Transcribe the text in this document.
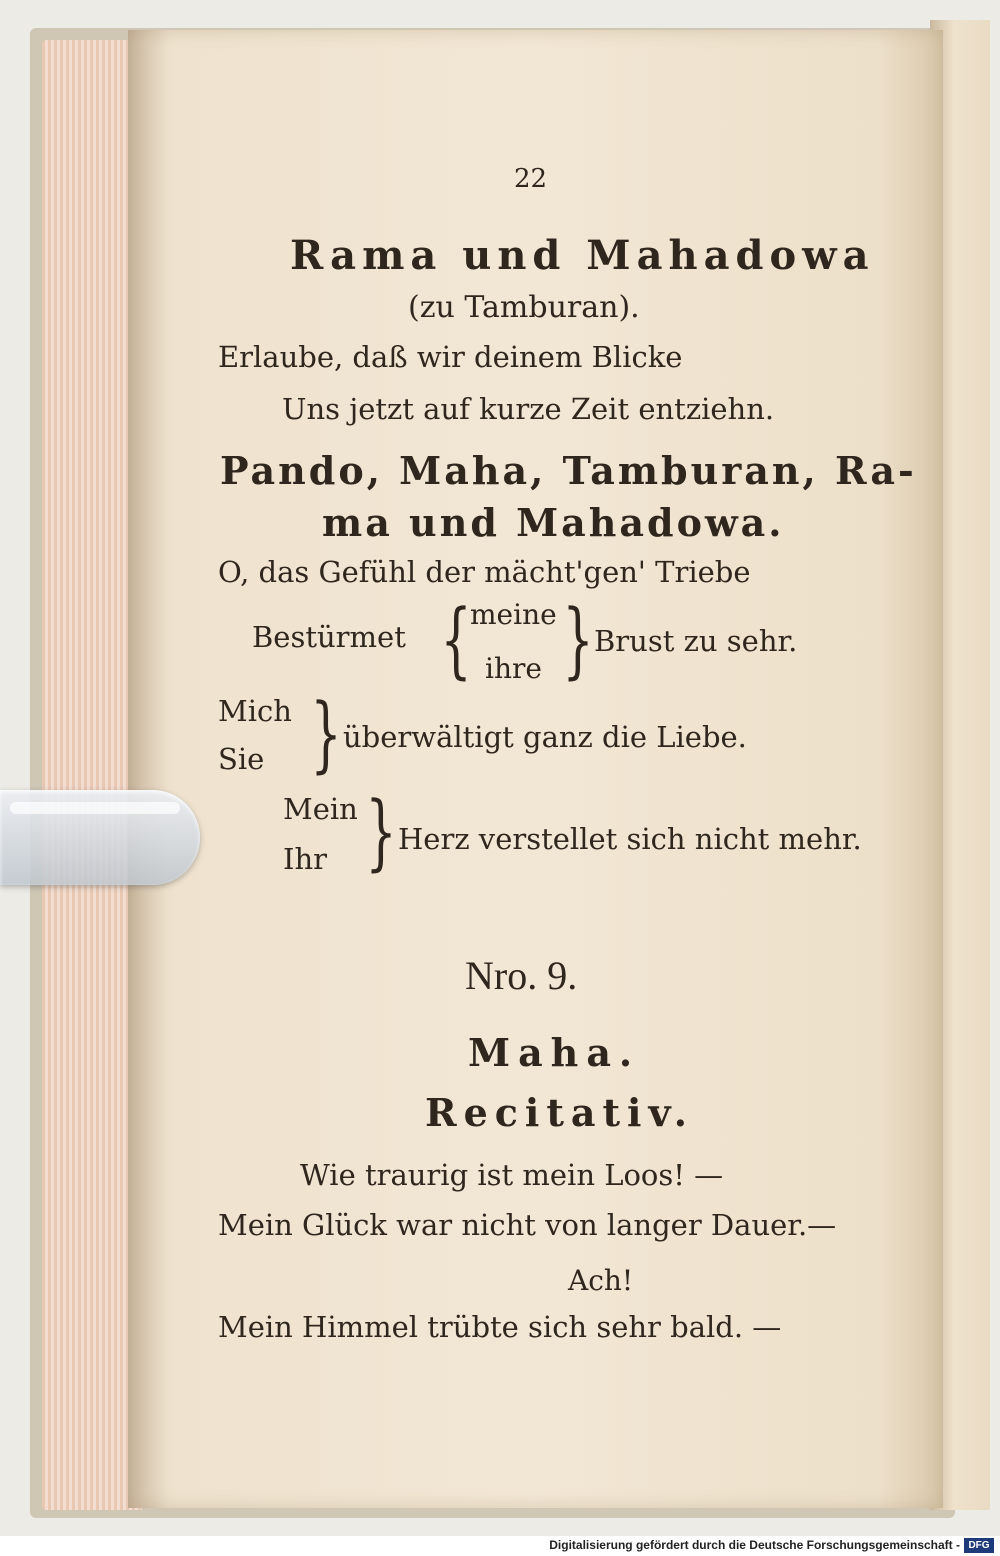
22
Rama und Mahadowa
(zu Tamburan).
Erlaube, daß wir deinem Blicke
Uns jetzt auf kurze Zeit entziehn.
Pando, Maha, Tamburan, Ra-
ma und Mahadowa.
O, das Gefühl der mächt'gen' Triebe
Bestürmet {
meine
ihre } Brust zu sehr.
Mich
Sie } überwältigt ganz die Liebe.
Mein
Ihr } Herz verstellet sich nicht mehr.
Nro. 9.
Maha.
Recitativ.
Wie traurig ist mein Loos! —
Mein Glück war nicht von langer Dauer.—
Ach!
Mein Himmel trübte sich sehr bald. —
Digitalisierung gefördert durch die Deutsche Forschungsgemeinschaft - DFG
